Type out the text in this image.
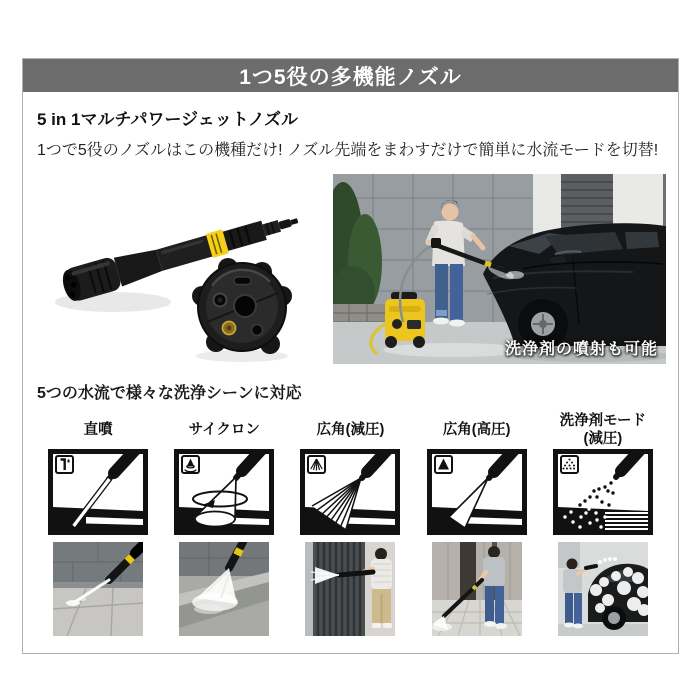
1つ5役の多機能ノズル
5 in 1マルチパワージェットノズル
1つで5役のノズルはこの機種だけ! ノズル先端をまわすだけで簡単に水流モードを切替!
洗浄剤の噴射も可能
5つの水流で様々な洗浄シーンに対応
直噴	サイクロン	広角(減圧)	広角(高圧)
洗浄剤モード
(減圧)
